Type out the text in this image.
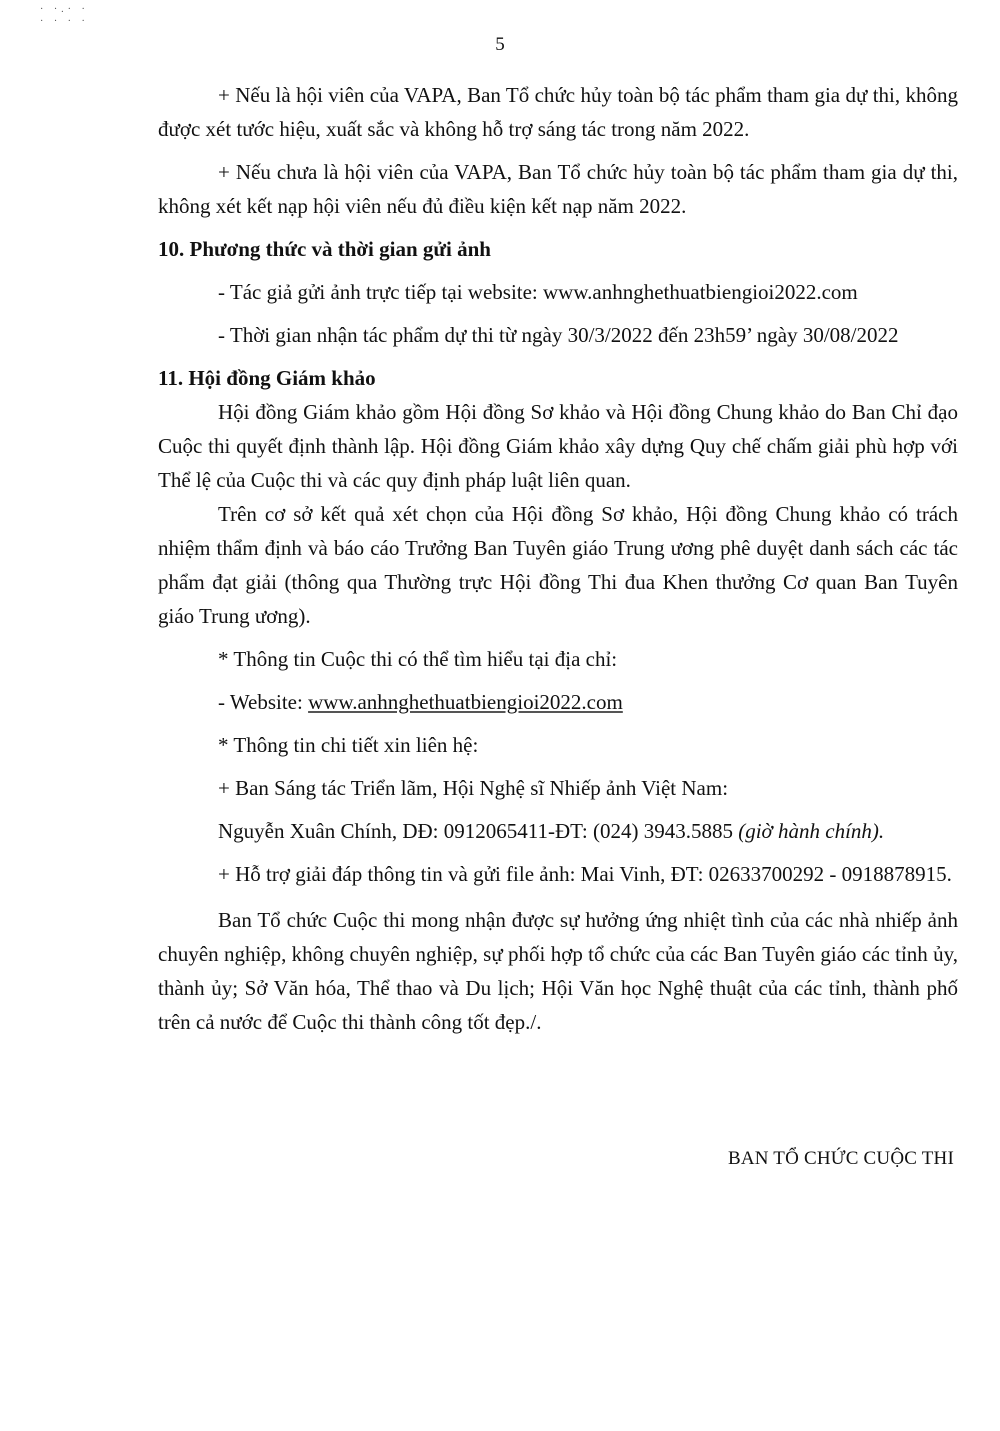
· ·.· ·
· · · ·
5

+ Nếu là hội viên của VAPA, Ban Tổ chức hủy toàn bộ tác phẩm tham gia dự thi, không được xét tước hiệu, xuất sắc và không hỗ trợ sáng tác trong năm 2022.

+ Nếu chưa là hội viên của VAPA, Ban Tổ chức hủy toàn bộ tác phẩm tham gia dự thi, không xét kết nạp hội viên nếu đủ điều kiện kết nạp năm 2022.

10. Phương thức và thời gian gửi ảnh

- Tác giả gửi ảnh trực tiếp tại website: www.anhnghethuatbiengioi2022.com

- Thời gian nhận tác phẩm dự thi từ ngày 30/3/2022 đến 23h59’ ngày 30/08/2022

11. Hội đồng Giám khảo

Hội đồng Giám khảo gồm Hội đồng Sơ khảo và Hội đồng Chung khảo do Ban Chỉ đạo Cuộc thi quyết định thành lập. Hội đồng Giám khảo xây dựng Quy chế chấm giải phù hợp với Thể lệ của Cuộc thi và các quy định pháp luật liên quan.

Trên cơ sở kết quả xét chọn của Hội đồng Sơ khảo, Hội đồng Chung khảo có trách nhiệm thẩm định và báo cáo Trưởng Ban Tuyên giáo Trung ương phê duyệt danh sách các tác phẩm đạt giải (thông qua Thường trực Hội đồng Thi đua Khen thưởng Cơ quan Ban Tuyên giáo Trung ương).

* Thông tin Cuộc thi có thể tìm hiểu tại địa chỉ:

- Website: www.anhnghethuatbiengioi2022.com

* Thông tin chi tiết xin liên hệ:

+ Ban Sáng tác Triển lãm, Hội Nghệ sĩ Nhiếp ảnh Việt Nam:

Nguyễn Xuân Chính, DĐ: 0912065411-ĐT: (024) 3943.5885 (giờ hành chính).

+ Hỗ trợ giải đáp thông tin và gửi file ảnh: Mai Vinh, ĐT: 02633700292 - 0918878915.

Ban Tổ chức Cuộc thi mong nhận được sự hưởng ứng nhiệt tình của các nhà nhiếp ảnh chuyên nghiệp, không chuyên nghiệp, sự phối hợp tổ chức của các Ban Tuyên giáo các tỉnh ủy, thành ủy; Sở Văn hóa, Thể thao và Du lịch; Hội Văn học Nghệ thuật của các tỉnh, thành phố trên cả nước để Cuộc thi thành công tốt đẹp./.

BAN TỔ CHỨC CUỘC THI
